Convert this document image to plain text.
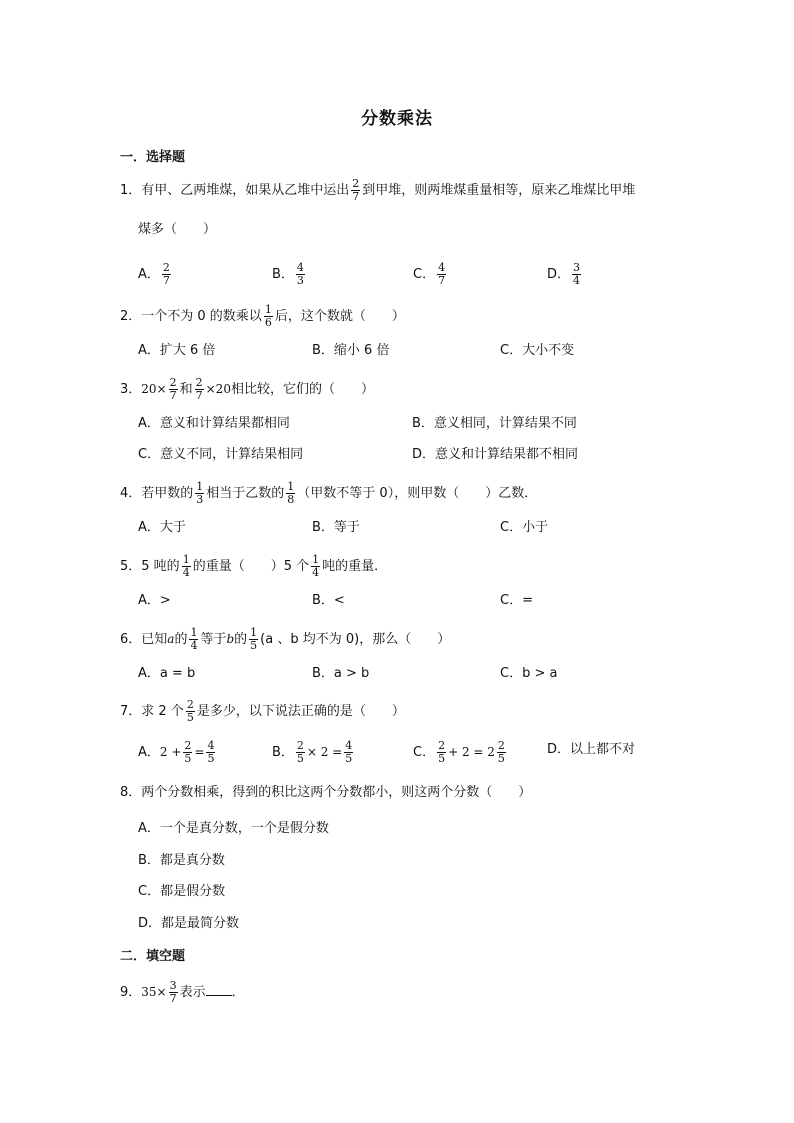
分数乘法
一．选择题
1．有甲、乙两堆煤，如果从乙堆中运出 $\frac{2}{7}$ 到甲堆，则两堆煤重量相等，原来乙堆煤比甲堆
煤多（　　）
A． $\frac{2}{7}$	B． $\frac{4}{3}$	C． $\frac{4}{7}$	D． $\frac{3}{4}$
2．一个不为 0 的数乘以 $\frac{1}{6}$ 后，这个数就（　　）
A．扩大 6 倍	B．缩小 6 倍	C．大小不变
3．$20\times \frac{2}{7}$ 和 $\frac{2}{7} \times 20$相比较，它们的（　　）
A．意义和计算结果都相同	B．意义相同，计算结果不同
C．意义不同，计算结果相同	D．意义和计算结果都不相同
4．若甲数的 $\frac{1}{3}$ 相当于乙数的 $\frac{1}{8}$ （甲数不等于 0），则甲数（　　）乙数．
A．大于	B．等于	C．小于
5．5 吨的 $\frac{1}{4}$ 的重量（　　）5 个 $\frac{1}{4}$ 吨的重量．
A．>	B．<	C．=
6．已知a的 $\frac{1}{4}$ 等于b的 $\frac{1}{5} (a$ 、b 均不为 0)，那么（　　）
A．a = b	B．a > b	C．b > a
7．求 2 个 $\frac{2}{5}$ 是多少，以下说法正确的是（　　）
A．$2 + \frac{2}{5} = \frac{4}{5}$	B． $\frac{2}{5} \times 2 = \frac{4}{5}$	C． $\frac{2}{5} + 2 = 2 \frac{2}{5}$	D．以上都不对
8．两个分数相乘，得到的积比这两个分数都小，则这两个分数（　　）
A．一个是真分数，一个是假分数
B．都是真分数
C．都是假分数
D．都是最简分数
二．填空题
9．$35\times \frac{3}{7}$ 表示 ．
